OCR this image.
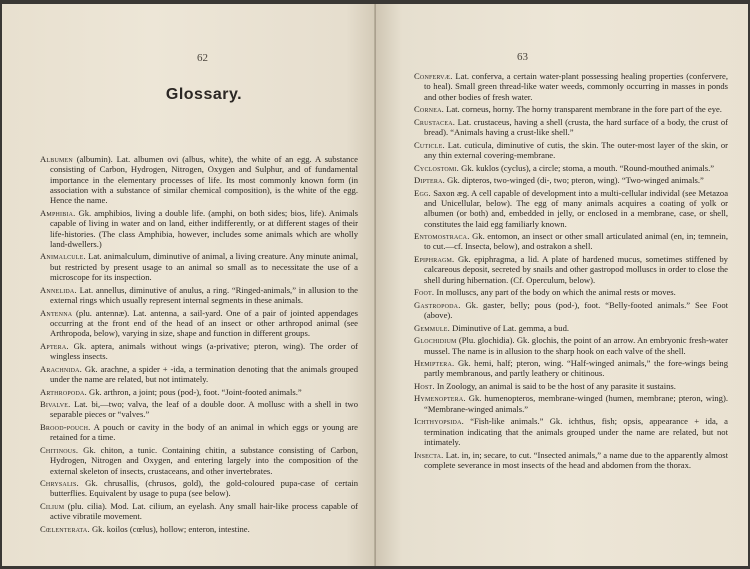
62
Glossary.

Albumen (albumin). Lat. albumen ovi (albus, white), the white of an egg. A substance consisting of Carbon, Hydrogen, Nitrogen, Oxygen and Sulphur, and of fundamental importance in the elementary processes of life. Its most commonly known form (in association with a substance of similar chemical composition), is the white of the egg. Hence the name.

Amphibia. Gk. amphibios, living a double life. (amphi, on both sides; bios, life). Animals capable of living in water and on land, either indifferently, or at different stages of their life-histories. (The class Amphibia, however, includes some animals which are wholly land-dwellers.)

Animalcule. Lat. animalculum, diminutive of animal, a living creature. Any minute animal, but restricted by present usage to an animal so small as to necessitate the use of a microscope for its inspection.

Annelida. Lat. annellus, diminutive of anulus, a ring. “Ringed-animals,” in allusion to the external rings which usually represent internal segments in these animals.

Antenna (plu. antennæ). Lat. antenna, a sail-yard. One of a pair of jointed appendages occurring at the front end of the head of an insect or other arthropod animal (see Arthropoda, below), varying in size, shape and function in different groups.

Aptera. Gk. aptera, animals without wings (a-privative; pteron, wing). The order of wingless insects.

Arachnida. Gk. arachne, a spider + -ida, a termination denoting that the animals grouped under the name are related, but not intimately.

Arthropoda. Gk. arthron, a joint; pous (pod-), foot. “Joint-footed animals.”

Bivalve. Lat. bi,—two; valva, the leaf of a double door. A mollusc with a shell in two separable pieces or “valves.”

Brood-pouch. A pouch or cavity in the body of an animal in which eggs or young are retained for a time.

Chitinous. Gk. chiton, a tunic. Containing chitin, a substance consisting of Carbon, Hydrogen, Nitrogen and Oxygen, and entering largely into the composition of the external skeleton of insects, crustaceans, and other invertebrates.

Chrysalis. Gk. chrusallis, (chrusos, gold), the gold-coloured pupa-case of certain butterflies. Equivalent by usage to pupa (see below).

Cilium (plu. cilia). Mod. Lat. cilium, an eyelash. Any small hair-like process capable of active vibratile movement.

Cœlenterata. Gk. koilos (cœlus), hollow; enteron, intestine.

63

Confervæ. Lat. conferva, a certain water-plant possessing healing properties (confervere, to heal). Small green thread-like water weeds, commonly occurring in masses in ponds and other bodies of fresh water.

Cornea. Lat. corneus, horny. The horny transparent membrane in the fore part of the eye.

Crustacea. Lat. crustaceus, having a shell (crusta, the hard surface of a body, the crust of bread). “Animals having a crust-like shell.”

Cuticle. Lat. cuticula, diminutive of cutis, the skin. The outer-most layer of the skin, or any thin external covering-membrane.

Cyclostomi. Gk. kuklos (cyclus), a circle; stoma, a mouth. “Round-mouthed animals.”

Diptera. Gk. dipteros, two-winged (di-, two; pteron, wing). “Two-winged animals.”

Egg. Saxon æg. A cell capable of development into a multi-cellular individal (see Metazoa and Unicellular, below). The egg of many animals acquires a coating of yolk or albumen (or both) and, embedded in jelly, or enclosed in a membrane, case, or shell, constitutes the laid egg familiarly known.

Entomostraca. Gk. entomon, an insect or other small articulated animal (en, in; temnein, to cut.—cf. Insecta, below), and ostrakon a shell.

Epiphragm. Gk. epiphragma, a lid. A plate of hardened mucus, sometimes stiffened by calcareous deposit, secreted by snails and other gastropod molluscs in order to close the shell during hibernation. (Cf. Operculum, below).

Foot. In molluscs, any part of the body on which the animal rests or moves.

Gastropoda. Gk. gaster, belly; pous (pod-), foot. “Belly-footed animals.” See Foot (above).

Gemmule. Diminutive of Lat. gemma, a bud.

Glochidium (Plu. glochidia). Gk. glochis, the point of an arrow. An embryonic fresh-water mussel. The name is in allusion to the sharp hook on each valve of the shell.

Hemiptera. Gk. hemi, half; pteron, wing. “Half-winged animals,” the fore-wings being partly membranous, and partly leathery or chitinous.

Host. In Zoology, an animal is said to be the host of any parasite it sustains.

Hymenoptera. Gk. humenopteros, membrane-winged (humen, membrane; pteron, wing). “Membrane-winged animals.”

Ichthyopsida. “Fish-like animals.” Gk. ichthus, fish; opsis, appearance + ida, a termination indicating that the animals grouped under the name are related, but not intimately.

Insecta. Lat. in, in; secare, to cut. “Insected animals,” a name due to the apparently almost complete severance in most insects of the head and abdomen from the thorax.
